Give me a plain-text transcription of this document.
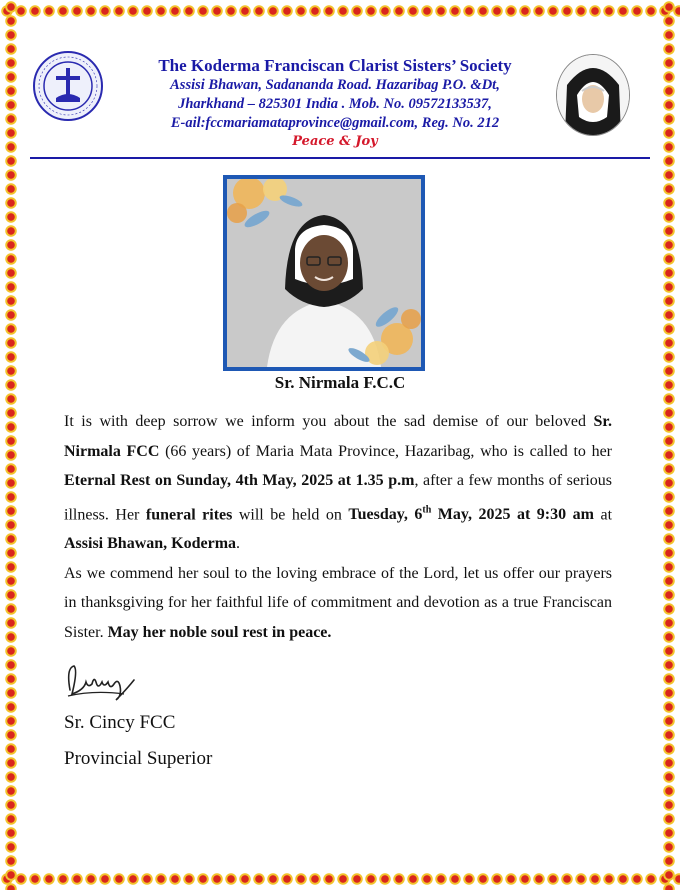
The Koderma Franciscan Clarist Sisters’ Society

Assisi Bhawan, Sadananda Road. Hazaribag P.O. &Dt,

Jharkhand – 825301 India . Mob. No. 09572133537,

E-ail:fccmariamataprovince@gmail.com, Reg. No. 212

Peace & Joy
Sr. Nirmala F.C.C

It is with deep sorrow we inform you about the sad demise of our beloved Sr. Nirmala FCC (66 years) of Maria Mata Province, Hazaribag, who is called to her Eternal Rest on Sunday, 4th May, 2025 at 1.35 p.m, after a few months of serious illness. Her funeral rites will be held on Tuesday, 6th May, 2025 at 9:30 am at Assisi Bhawan, Koderma.

As we commend her soul to the loving embrace of the Lord, let us offer our prayers in thanksgiving for her faithful life of commitment and devotion as a true Franciscan Sister. May her noble soul rest in peace.

Sr. Cincy FCC
Provincial Superior
